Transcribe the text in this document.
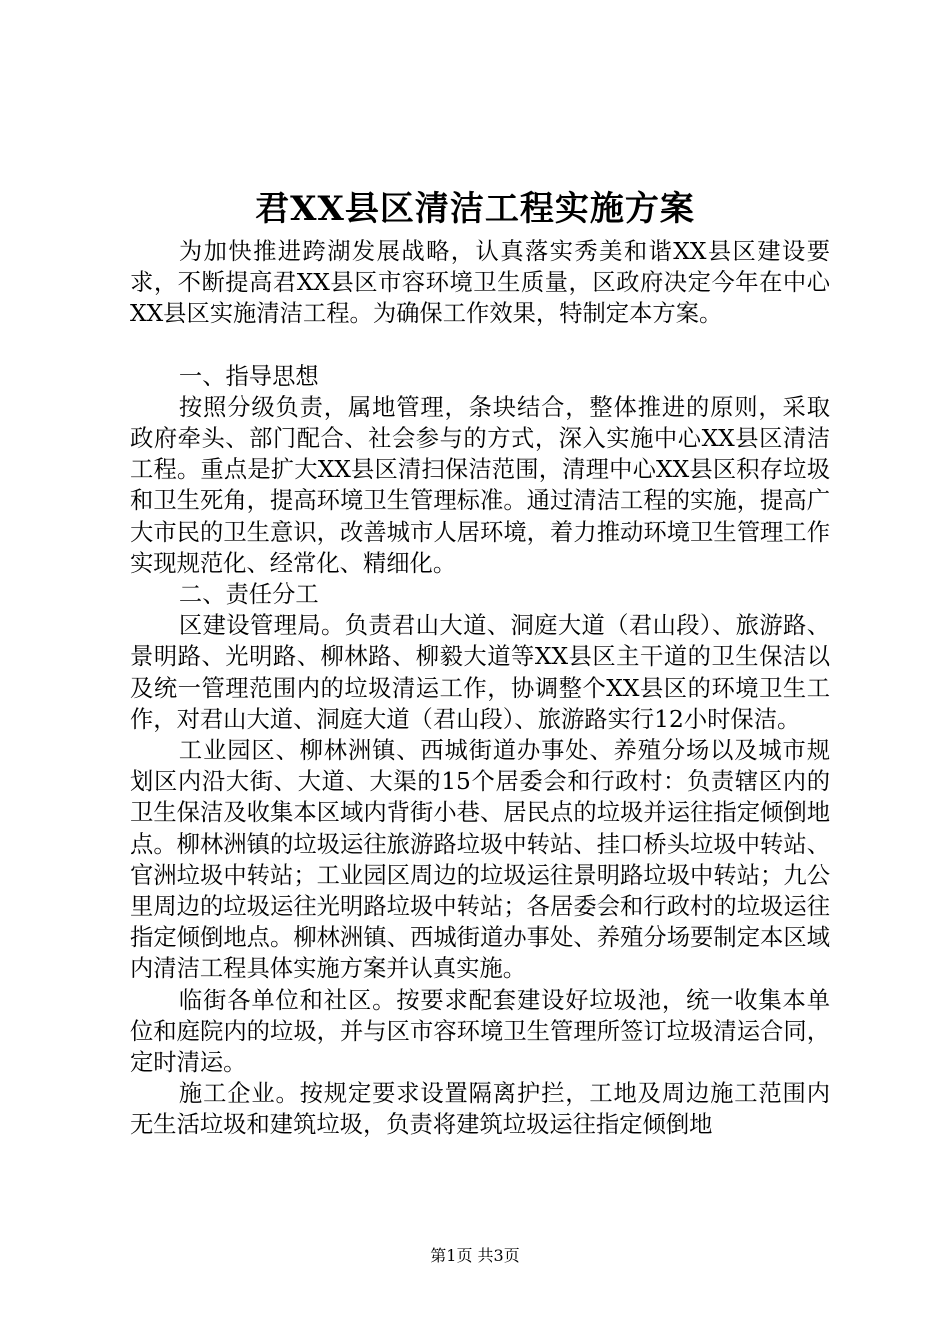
君XX县区清洁工程实施方案

为加快推进跨湖发展战略，认真落实秀美和谐XX县区建设要求，不断提高君XX县区市容环境卫生质量，区政府决定今年在中心XX县区实施清洁工程。为确保工作效果，特制定本方案。

一、指导思想

按照分级负责，属地管理，条块结合，整体推进的原则，采取政府牵头、部门配合、社会参与的方式，深入实施中心XX县区清洁工程。重点是扩大XX县区清扫保洁范围，清理中心XX县区积存垃圾和卫生死角，提高环境卫生管理标准。通过清洁工程的实施，提高广大市民的卫生意识，改善城市人居环境，着力推动环境卫生管理工作实现规范化、经常化、精细化。

二、责任分工

区建设管理局。负责君山大道、洞庭大道（君山段）、旅游路、景明路、光明路、柳林路、柳毅大道等XX县区主干道的卫生保洁以及统一管理范围内的垃圾清运工作，协调整个XX县区的环境卫生工作，对君山大道、洞庭大道（君山段）、旅游路实行12小时保洁。

工业园区、柳林洲镇、西城街道办事处、养殖分场以及城市规划区内沿大街、大道、大渠的15个居委会和行政村：负责辖区内的卫生保洁及收集本区域内背街小巷、居民点的垃圾并运往指定倾倒地点。柳林洲镇的垃圾运往旅游路垃圾中转站、挂口桥头垃圾中转站、官洲垃圾中转站；工业园区周边的垃圾运往景明路垃圾中转站；九公里周边的垃圾运往光明路垃圾中转站；各居委会和行政村的垃圾运往指定倾倒地点。柳林洲镇、西城街道办事处、养殖分场要制定本区域内清洁工程具体实施方案并认真实施。

临街各单位和社区。按要求配套建设好垃圾池，统一收集本单位和庭院内的垃圾，并与区市容环境卫生管理所签订垃圾清运合同，定时清运。

施工企业。按规定要求设置隔离护拦，工地及周边施工范围内无生活垃圾和建筑垃圾，负责将建筑垃圾运往指定倾倒地

第1页 共3页
